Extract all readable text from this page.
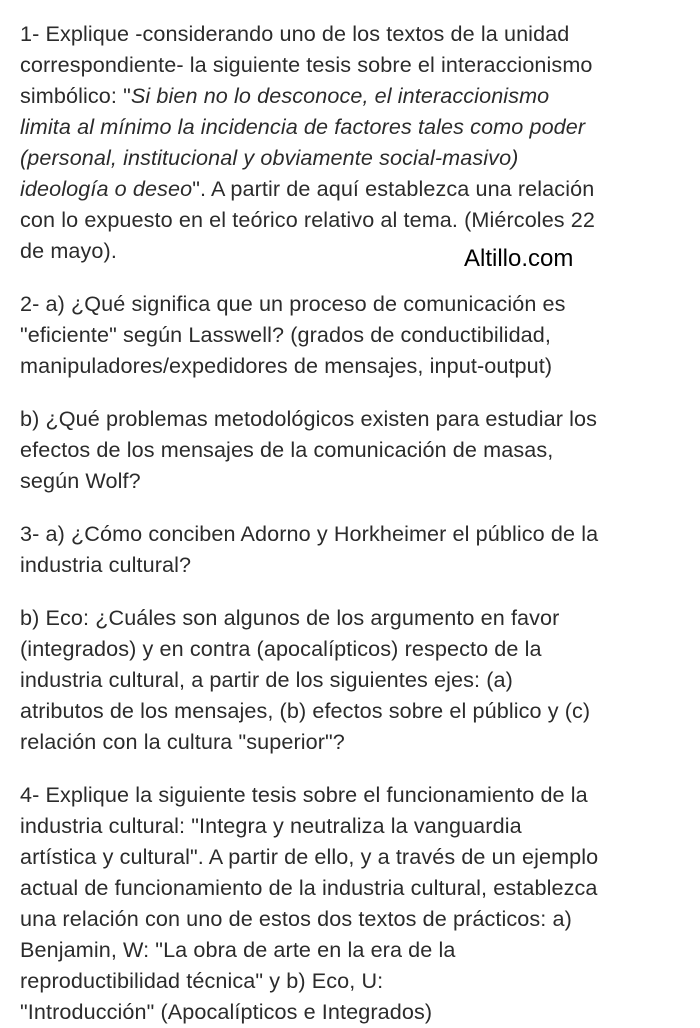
1- Explique -considerando uno de los textos de la unidad
correspondiente- la siguiente tesis sobre el interaccionismo
simbólico: "Si bien no lo desconoce, el interaccionismo
limita al mínimo la incidencia de factores tales como poder
(personal, institucional y obviamente social-masivo)
ideología o deseo". A partir de aquí establezca una relación
con lo expuesto en el teórico relativo al tema. (Miércoles 22
de mayo).
2- a) ¿Qué significa que un proceso de comunicación es
"eficiente" según Lasswell? (grados de conductibilidad,
manipuladores/expedidores de mensajes, input-output)
b) ¿Qué problemas metodológicos existen para estudiar los
efectos de los mensajes de la comunicación de masas,
según Wolf?
3- a) ¿Cómo conciben Adorno y Horkheimer el público de la
industria cultural?
b) Eco: ¿Cuáles son algunos de los argumento en favor
(integrados) y en contra (apocalípticos) respecto de la
industria cultural, a partir de los siguientes ejes: (a)
atributos de los mensajes, (b) efectos sobre el público y (c)
relación con la cultura "superior"?
4- Explique la siguiente tesis sobre el funcionamiento de la
industria cultural: "Integra y neutraliza la vanguardia
artística y cultural". A partir de ello, y a través de un ejemplo
actual de funcionamiento de la industria cultural, establezca
una relación con uno de estos dos textos de prácticos: a)
Benjamin, W: "La obra de arte en la era de la
reproductibilidad técnica" y b) Eco, U:
"Introducción" (Apocalípticos e Integrados)
Altillo.com
